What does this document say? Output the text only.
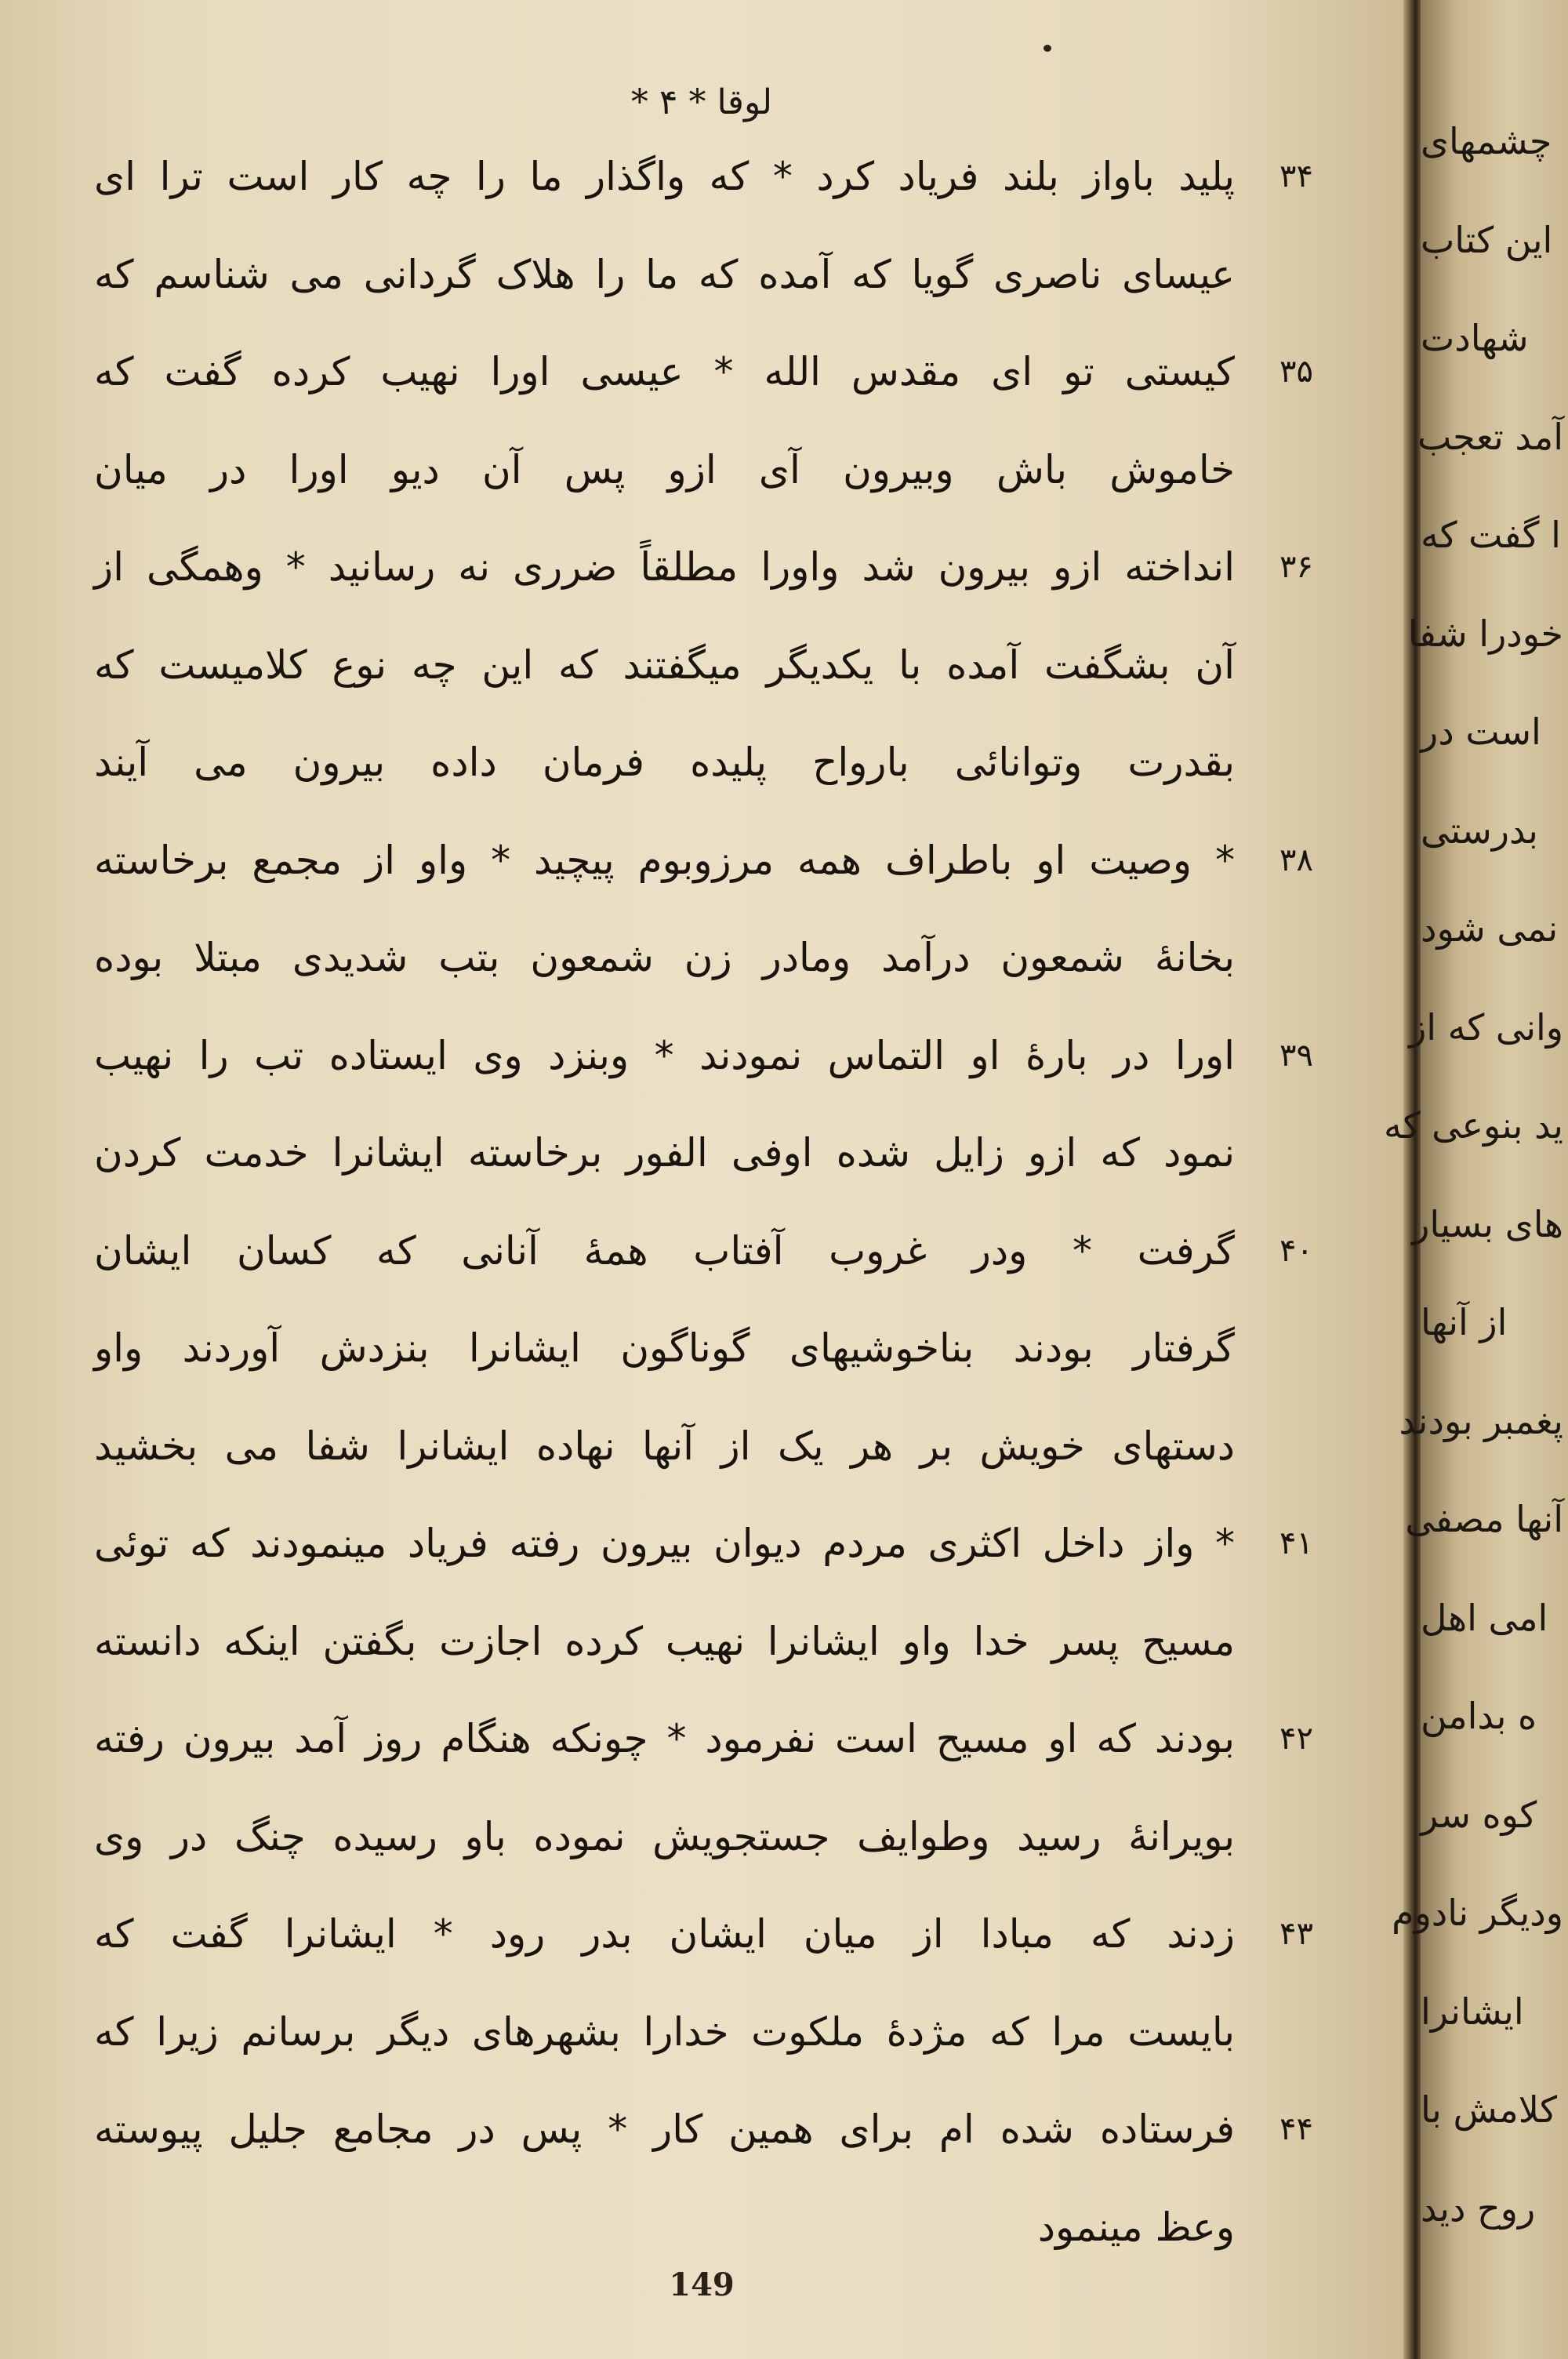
لوقا * ۴ *
پلید باواز بلند فریاد کرد * که واگذار ما را چه کار است ترا ای
عیسای ناصری گویا که آمده که ما را هلاک گردانی می شناسم که
کیستی تو ای مقدس الله * عیسی اورا نهیب کرده گفت که
خاموش باش وبیرون آی ازو پس آن دیو اورا در میان
انداخته ازو بیرون شد واورا مطلقاً ضرری نه رسانید * وهمگی از
آن بشگفت آمده با یکدیگر میگفتند که این چه نوع کلامیست که
بقدرت وتوانائی بارواح پلیده فرمان داده بیرون می آیند
* وصیت او باطراف همه مرزوبوم پیچید * واو از مجمع برخاسته
بخانهٔ شمعون درآمد ومادر زن شمعون بتب شدیدی مبتلا بوده
اورا در بارهٔ او التماس نمودند * وبنزد وی ایستاده تب را نهیب
نمود که ازو زایل شده اوفی الفور برخاسته ایشانرا خدمت کردن
گرفت * ودر غروب آفتاب همهٔ آنانی که کسان ایشان
گرفتار بودند بناخوشیهای گوناگون ایشانرا بنزدش آوردند واو
دستهای خویش بر هر یک از آنها نهاده ایشانرا شفا می بخشید
* واز داخل اکثری مردم دیوان بیرون رفته فریاد مینمودند که توئی
مسیح پسر خدا واو ایشانرا نهیب کرده اجازت بگفتن اینکه دانسته
بودند که او مسیح است نفرمود * چونکه هنگام روز آمد بیرون رفته
بویرانهٔ رسید وطوایف جستجویش نموده باو رسیده چنگ در وی
زدند که مبادا از میان ایشان بدر رود * ایشانرا گفت که
بایست مرا که مژدهٔ ملکوت خدارا بشهرهای دیگر برسانم زیرا که
فرستاده شده ام برای همین کار * پس در مجامع جلیل پیوسته
وعظ مینمود
۳۴
۳۵
۳۶
۳۸
۳۹
۴۰
۴۱
۴۲
۴۳
۴۴
149
چشمهای
این کتاب
شهادت
آمد تعجب
ا گفت که
خودرا شفا
است در
بدرستی
نمی شود
وانی که از
ید بنوعی که
های بسیار
از آنها
پغمبر بودند
آنها مصفی
امی اهل
ه بدامن
کوه سر
ودیگر نادوم
ایشانرا
کلامش با
روح دید
